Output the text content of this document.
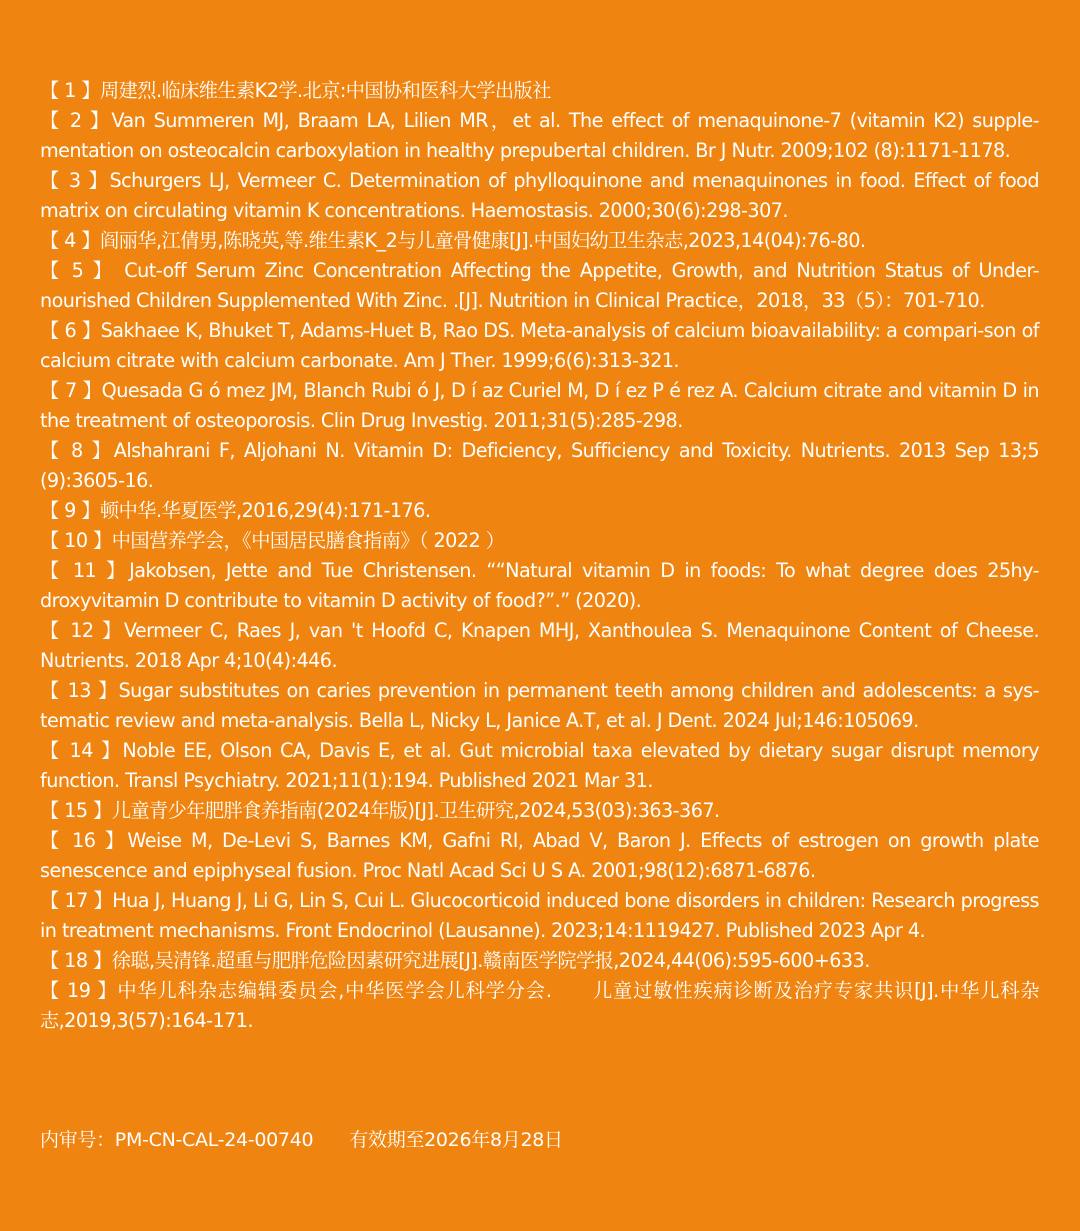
【 1 】周建烈.临床维生素K2学.北京:中国协和医科大学出版社
【 2 】Van Summeren MJ, Braam LA, Lilien MR，et al. The effect of menaquinone-7 (vitamin K2) supple-mentation on osteocalcin carboxylation in healthy prepubertal children. Br J Nutr. 2009;102 (8):1171-1178.
【 3 】Schurgers LJ, Vermeer C. Determination of phylloquinone and menaquinones in food. Effect of food matrix on circulating vitamin K concentrations. Haemostasis. 2000;30(6):298-307.
【 4 】阎丽华,江倩男,陈晓英,等.维生素K_2与儿童骨健康[J].中国妇幼卫生杂志,2023,14(04):76-80.
【 5 】 Cut-off Serum Zinc Concentration Affecting the Appetite, Growth, and Nutrition Status of Under-nourished Children Supplemented With Zinc. .[J]. Nutrition in Clinical Practice，2018，33（5）：701-710.
【 6 】Sakhaee K, Bhuket T, Adams-Huet B, Rao DS. Meta-analysis of calcium bioavailability: a compari-son of calcium citrate with calcium carbonate. Am J Ther. 1999;6(6):313-321.
【 7 】Quesada G ó mez JM, Blanch Rubi ó J, D í az Curiel M, D í ez P é rez A. Calcium citrate and vitamin D in the treatment of osteoporosis. Clin Drug Investig. 2011;31(5):285-298.
【 8 】Alshahrani F, Aljohani N. Vitamin D: Deficiency, Sufficiency and Toxicity. Nutrients. 2013 Sep 13;5 (9):3605-16.
【 9 】顿中华.华夏医学,2016,29(4):171-176.
【 10 】中国营养学会，《中国居民膳食指南》（ 2022 ）
【 11 】Jakobsen, Jette and Tue Christensen. ““Natural vitamin D in foods: To what degree does 25hy-droxyvitamin D contribute to vitamin D activity of food?”.” (2020).
【 12 】Vermeer C, Raes J, van 't Hoofd C, Knapen MHJ, Xanthoulea S. Menaquinone Content of Cheese. Nutrients. 2018 Apr 4;10(4):446.
【 13 】Sugar substitutes on caries prevention in permanent teeth among children and adolescents: a sys-tematic review and meta-analysis. Bella L, Nicky L, Janice A.T, et al. J Dent. 2024 Jul;146:105069.
【 14 】Noble EE, Olson CA, Davis E, et al. Gut microbial taxa elevated by dietary sugar disrupt memory function. Transl Psychiatry. 2021;11(1):194. Published 2021 Mar 31.
【 15 】儿童青少年肥胖食养指南(2024年版)[J].卫生研究,2024,53(03):363-367.
【 16 】Weise M, De-Levi S, Barnes KM, Gafni RI, Abad V, Baron J. Effects of estrogen on growth plate senescence and epiphyseal fusion. Proc Natl Acad Sci U S A. 2001;98(12):6871-6876.
【 17 】Hua J, Huang J, Li G, Lin S, Cui L. Glucocorticoid induced bone disorders in children: Research progress in treatment mechanisms. Front Endocrinol (Lausanne). 2023;14:1119427. Published 2023 Apr 4.
【 18 】徐聪,吴清锋.超重与肥胖危险因素研究进展[J].赣南医学院学报,2024,44(06):595-600+633.
【 19 】中华儿科杂志编辑委员会,中华医学会儿科学分会.　　儿童过敏性疾病诊断及治疗专家共识[J].中华儿科杂志,2019,3(57):164-171.
内审号：PM-CN-CAL-24-00740 有效期至2026年8月28日
